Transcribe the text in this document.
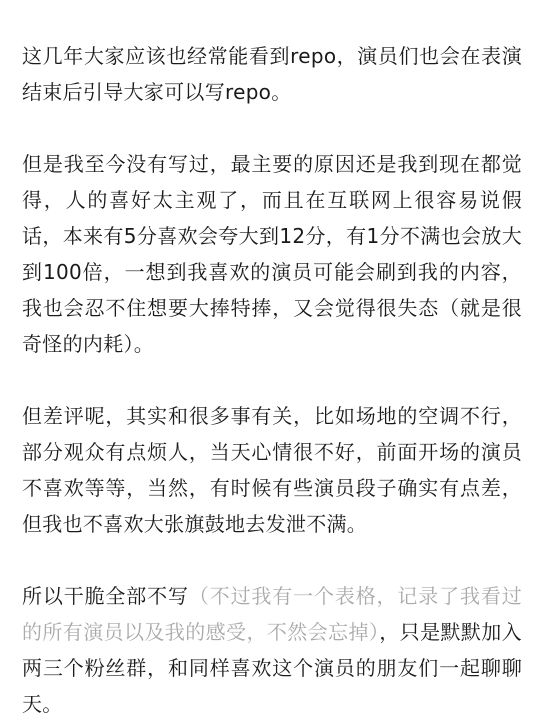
这几年大家应该也经常能看到repo，演员们也会在表演结束后引导大家可以写repo。

但是我至今没有写过，最主要的原因还是我到现在都觉得，人的喜好太主观了，而且在互联网上很容易说假话，本来有5分喜欢会夸大到12分，有1分不满也会放大到100倍，一想到我喜欢的演员可能会刷到我的内容，我也会忍不住想要大捧特捧，又会觉得很失态（就是很奇怪的内耗）。

但差评呢，其实和很多事有关，比如场地的空调不行，部分观众有点烦人，当天心情很不好，前面开场的演员不喜欢等等，当然，有时候有些演员段子确实有点差，但我也不喜欢大张旗鼓地去发泄不满。

所以干脆全部不写（不过我有一个表格，记录了我看过的所有演员以及我的感受，不然会忘掉），只是默默加入两三个粉丝群，和同样喜欢这个演员的朋友们一起聊聊天。
